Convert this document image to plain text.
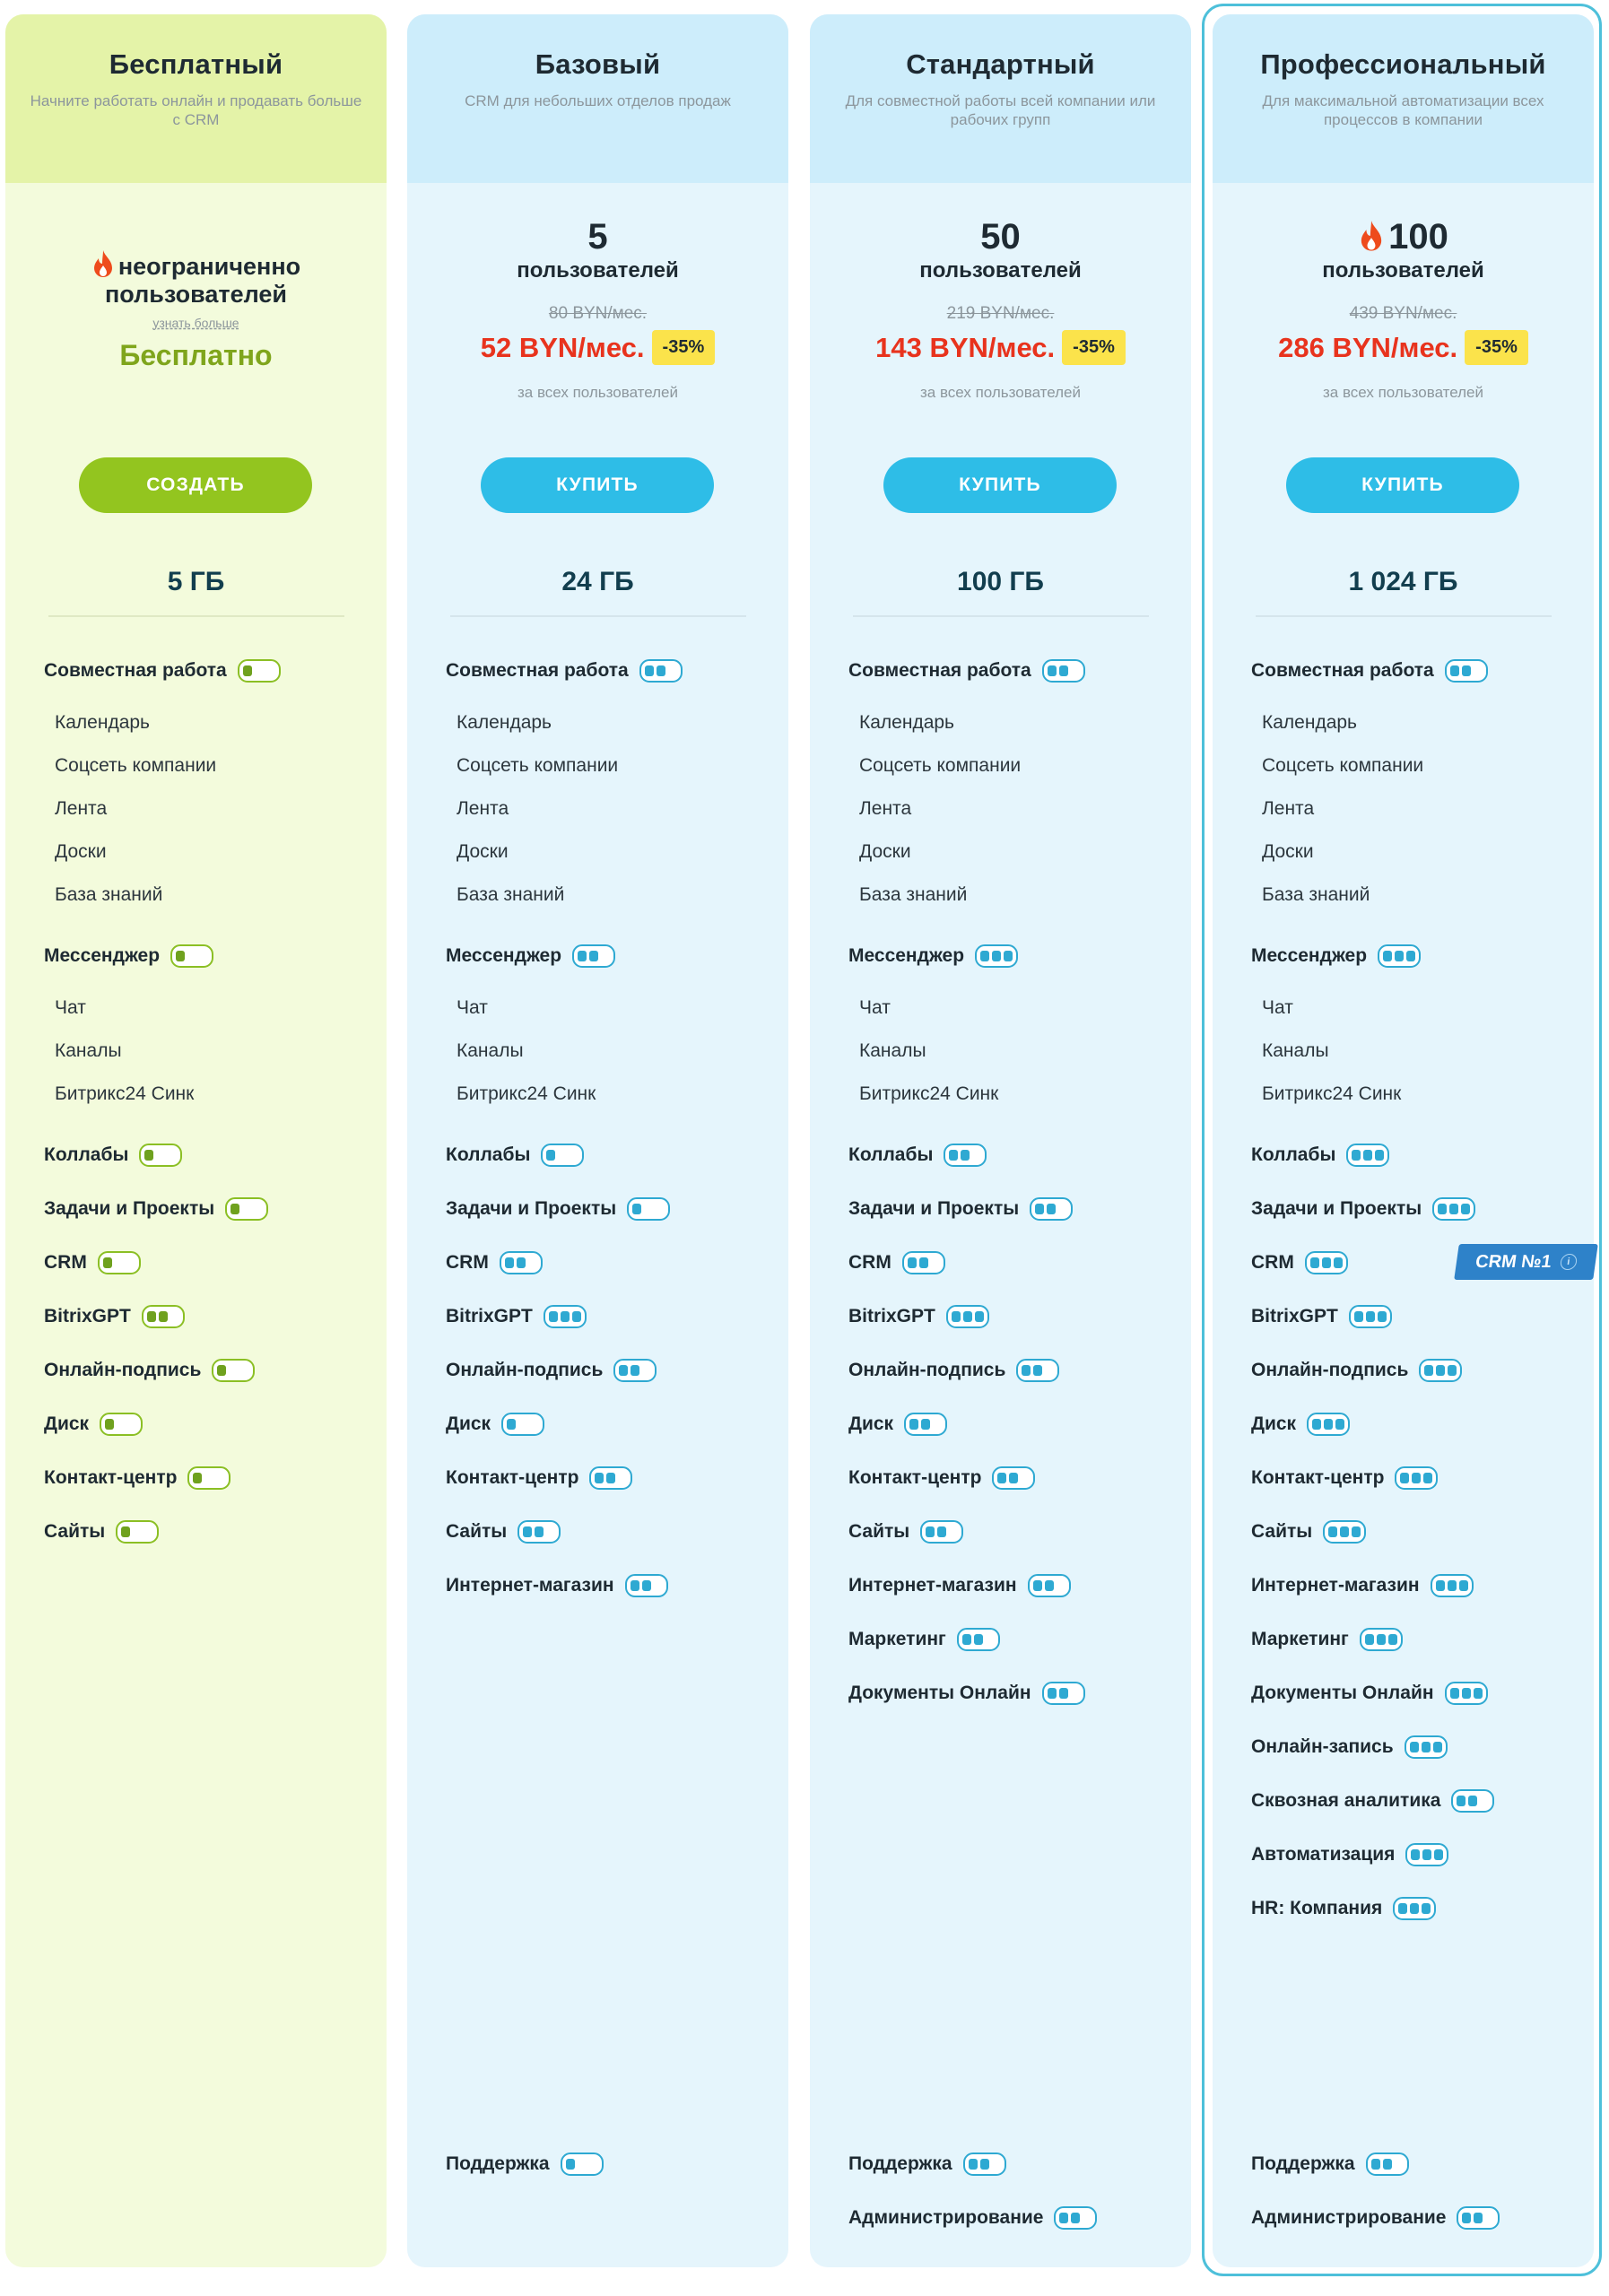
Бесплатный
Начните работать онлайн и продавать больше с CRM
неограниченно
пользователей
узнать больше
Бесплатно
СОЗДАТЬ
5 ГБ
Совместная работа
Календарь
Соцсеть компании
Лента
Доски
База знаний
Мессенджер
Чат
Каналы
Битрикс24 Синк
Коллабы
Задачи и Проекты
CRM
BitrixGPT
Онлайн-подпись
Диск
Контакт-центр
Сайты
Базовый
CRM для небольших отделов продаж
5
пользователей
80 BYN/мес.
52 BYN/мес.	-35%
за всех пользователей
КУПИТЬ
24 ГБ
Совместная работа
Календарь
Соцсеть компании
Лента
Доски
База знаний
Мессенджер
Чат
Каналы
Битрикс24 Синк
Коллабы
Задачи и Проекты
CRM
BitrixGPT
Онлайн-подпись
Диск
Контакт-центр
Сайты
Интернет-магазин
Поддержка
Стандартный
Для совместной работы всей компании или рабочих групп
50
пользователей
219 BYN/мес.
143 BYN/мес.	-35%
за всех пользователей
КУПИТЬ
100 ГБ
Совместная работа
Календарь
Соцсеть компании
Лента
Доски
База знаний
Мессенджер
Чат
Каналы
Битрикс24 Синк
Коллабы
Задачи и Проекты
CRM
BitrixGPT
Онлайн-подпись
Диск
Контакт-центр
Сайты
Интернет-магазин
Маркетинг
Документы Онлайн
Поддержка
Администрирование
Профессиональный
Для максимальной автоматизации всех процессов в компании
100
пользователей
439 BYN/мес.
286 BYN/мес.	-35%
за всех пользователей
КУПИТЬ
1 024 ГБ
Совместная работа
Календарь
Соцсеть компании
Лента
Доски
База знаний
Мессенджер
Чат
Каналы
Битрикс24 Синк
Коллабы
Задачи и Проекты
CRM
BitrixGPT
Онлайн-подпись
Диск
Контакт-центр
Сайты
Интернет-магазин
Маркетинг
Документы Онлайн
Онлайн-запись
Сквозная аналитика
Автоматизация
HR: Компания
Поддержка
Администрирование
CRM №1	i
